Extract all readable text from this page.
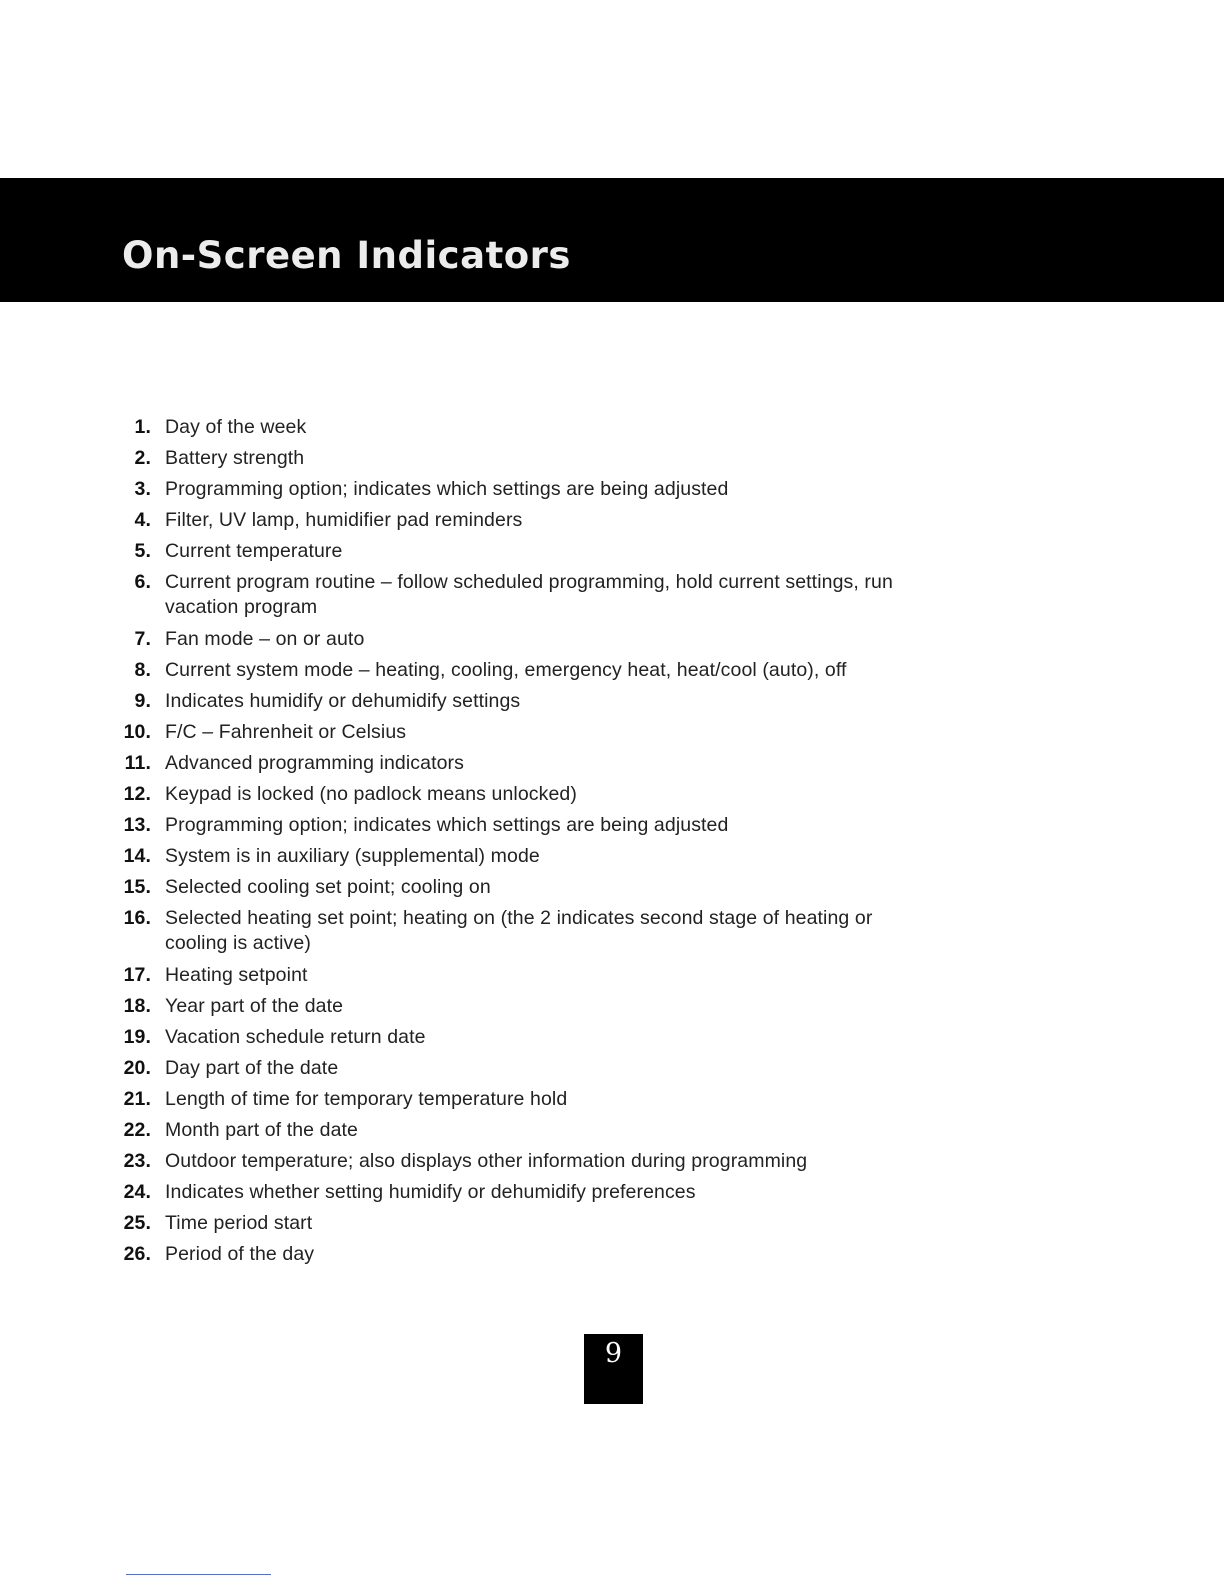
On-Screen Indicators
1. Day of the week
2. Battery strength
3. Programming option; indicates which settings are being adjusted
4. Filter, UV lamp, humidifier pad reminders
5. Current temperature
6. Current program routine – follow scheduled programming, hold current settings, run vacation program
7. Fan mode – on or auto
8. Current system mode – heating, cooling, emergency heat, heat/cool (auto), off
9. Indicates humidify or dehumidify settings
10. F/C – Fahrenheit or Celsius
11. Advanced programming indicators
12. Keypad is locked (no padlock means unlocked)
13. Programming option; indicates which settings are being adjusted
14. System is in auxiliary (supplemental) mode
15. Selected cooling set point; cooling on
16. Selected heating set point; heating on (the 2 indicates second stage of heating or cooling is active)
17. Heating setpoint
18. Year part of the date
19. Vacation schedule return date
20. Day part of the date
21. Length of time for temporary temperature hold
22. Month part of the date
23. Outdoor temperature; also displays other information during programming
24. Indicates whether setting humidify or dehumidify preferences
25. Time period start
26. Period of the day
9
